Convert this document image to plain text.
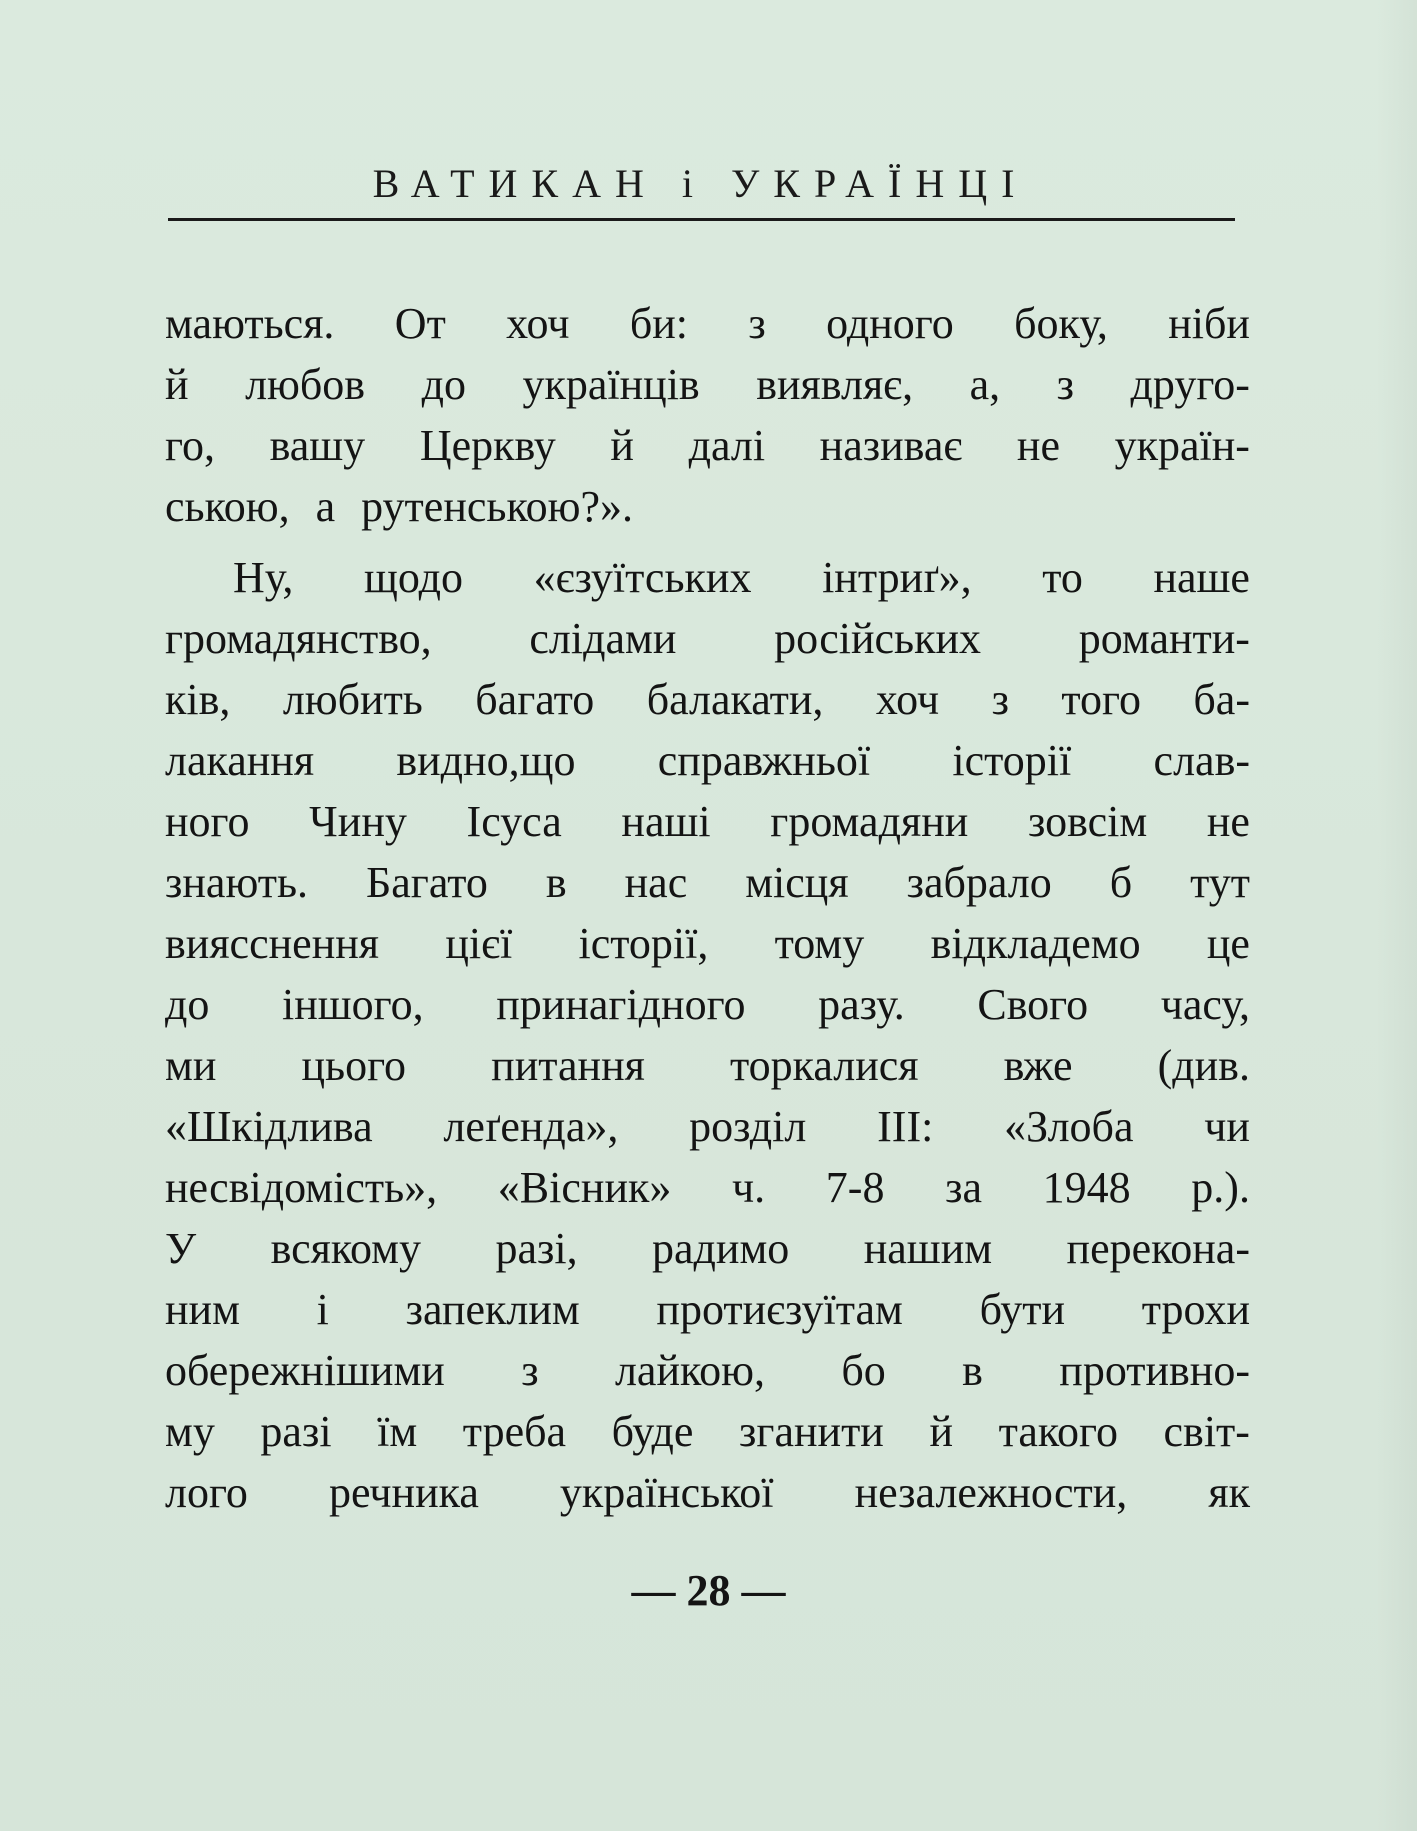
ВАТИКАН і УКРАЇНЦІ
маються. От хоч би: з одного боку, ніби
й любов до українців виявляє, а, з друго-
го, вашу Церкву й далі називає не україн-
ською, а рутенською?».
Ну, щодо «єзуїтських інтриґ», то наше
громадянство, слідами російських романти-
ків, любить багато балакати, хоч з того ба-
лакання видно,що справжньої історії слав-
ного Чину Ісуса наші громадяни зовсім не
знають. Багато в нас місця забрало б тут
виясснення цієї історії, тому відкладемо це
до іншого, принагідного разу. Свого часу,
ми цього питання торкалися вже (див.
«Шкідлива леґенда», розділ III: «Злоба чи
несвідомість», «Вісник» ч. 7-8 за 1948 р.).
У всякому разі, радимо нашим переконa-
ним і запеклим протиєзуїтам бути трохи
обережнішими з лайкою, бо в противно-
му разі їм треба буде зганити й такого світ-
лого речника української незалежности, як
— 28 —
